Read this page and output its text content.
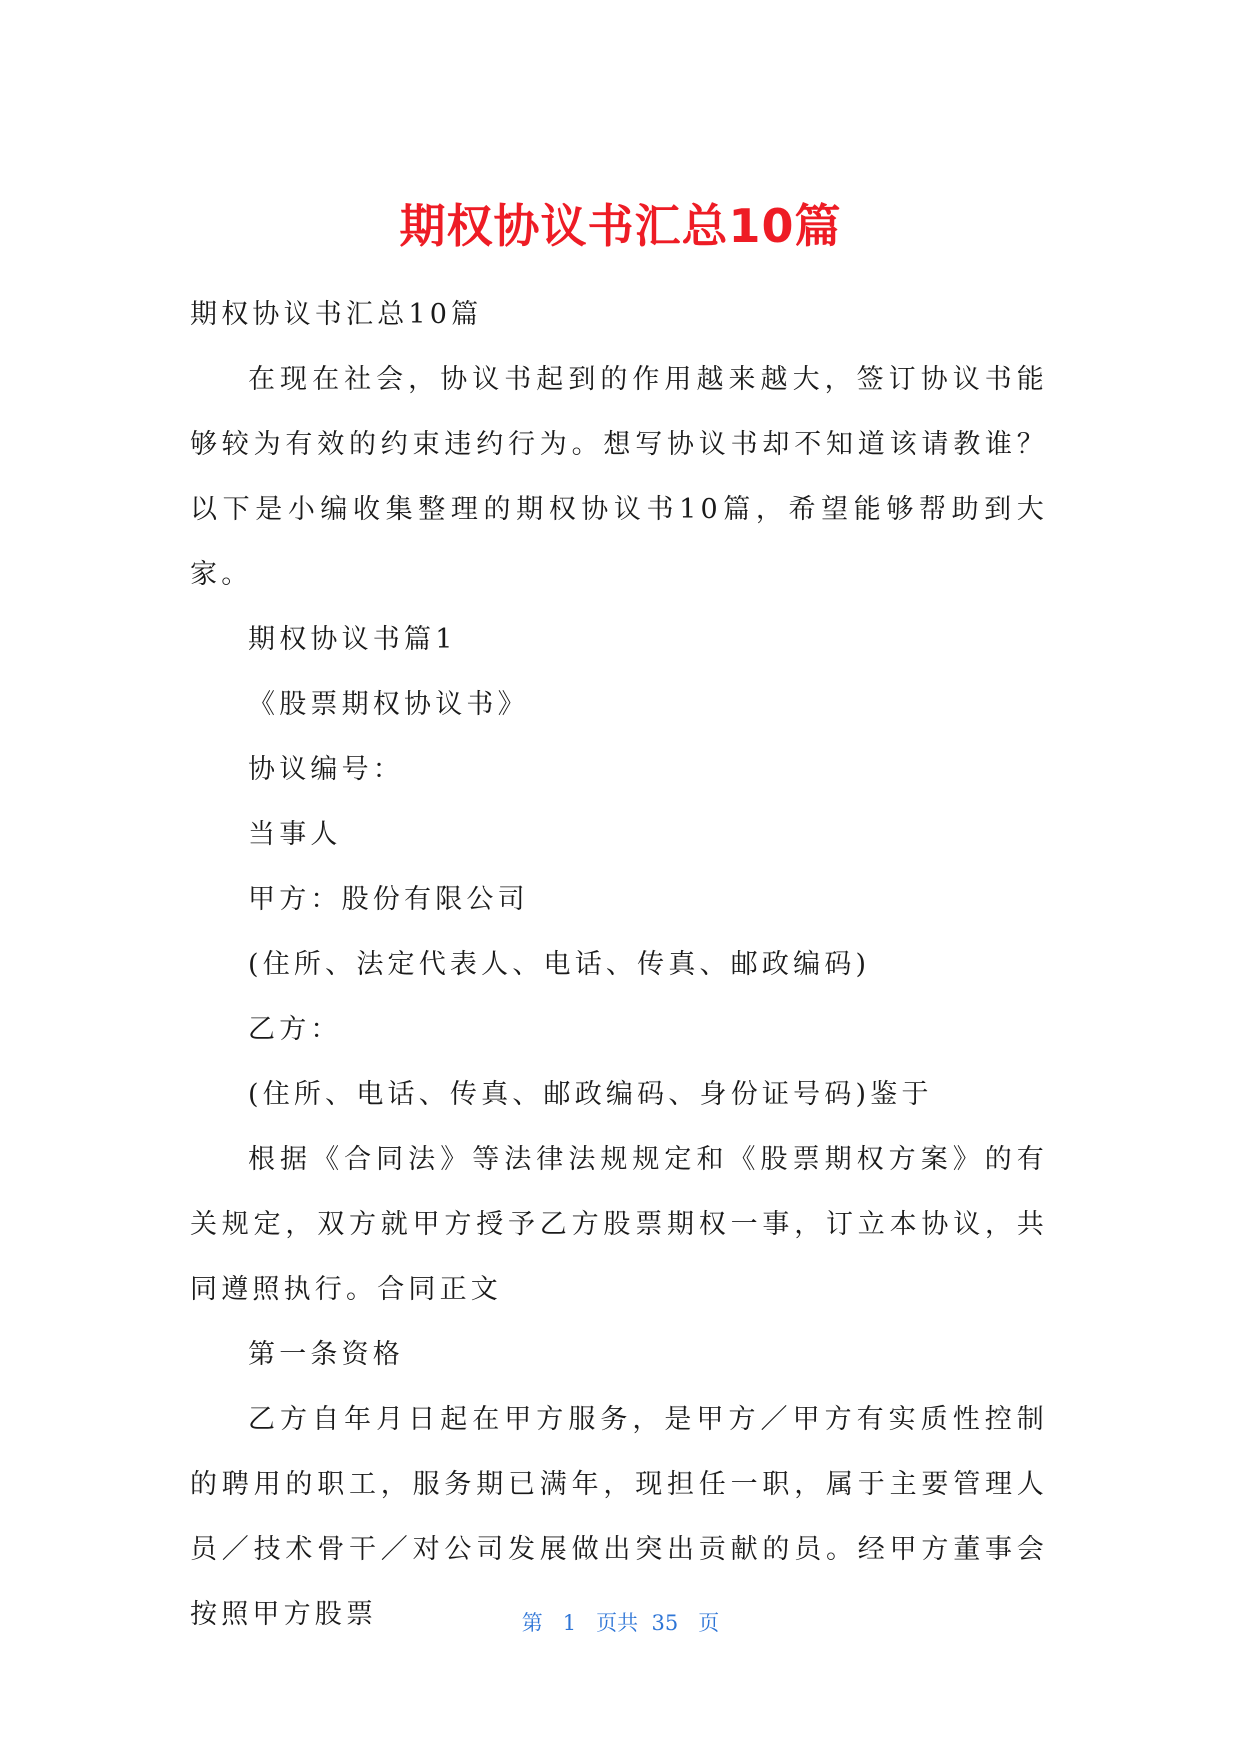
期权协议书汇总10篇

期权协议书汇总10篇

在现在社会，协议书起到的作用越来越大，签订协议书能够较为有效的约束违约行为。想写协议书却不知道该请教谁？以下是小编收集整理的期权协议书10篇，希望能够帮助到大家。

期权协议书篇1

《股票期权协议书》

协议编号：

当事人

甲方：股份有限公司

(住所、法定代表人、电话、传真、邮政编码)

乙方：

(住所、电话、传真、邮政编码、身份证号码)鉴于

根据《合同法》等法律法规规定和《股票期权方案》的有关规定，双方就甲方授予乙方股票期权一事，订立本协议，共同遵照执行。合同正文

第一条资格

乙方自年月日起在甲方服务，是甲方／甲方有实质性控制的聘用的职工，服务期已满年，现担任一职，属于主要管理人员／技术骨干／对公司发展做出突出贡献的员。经甲方董事会按照甲方股票	第   1   页共  35   页
